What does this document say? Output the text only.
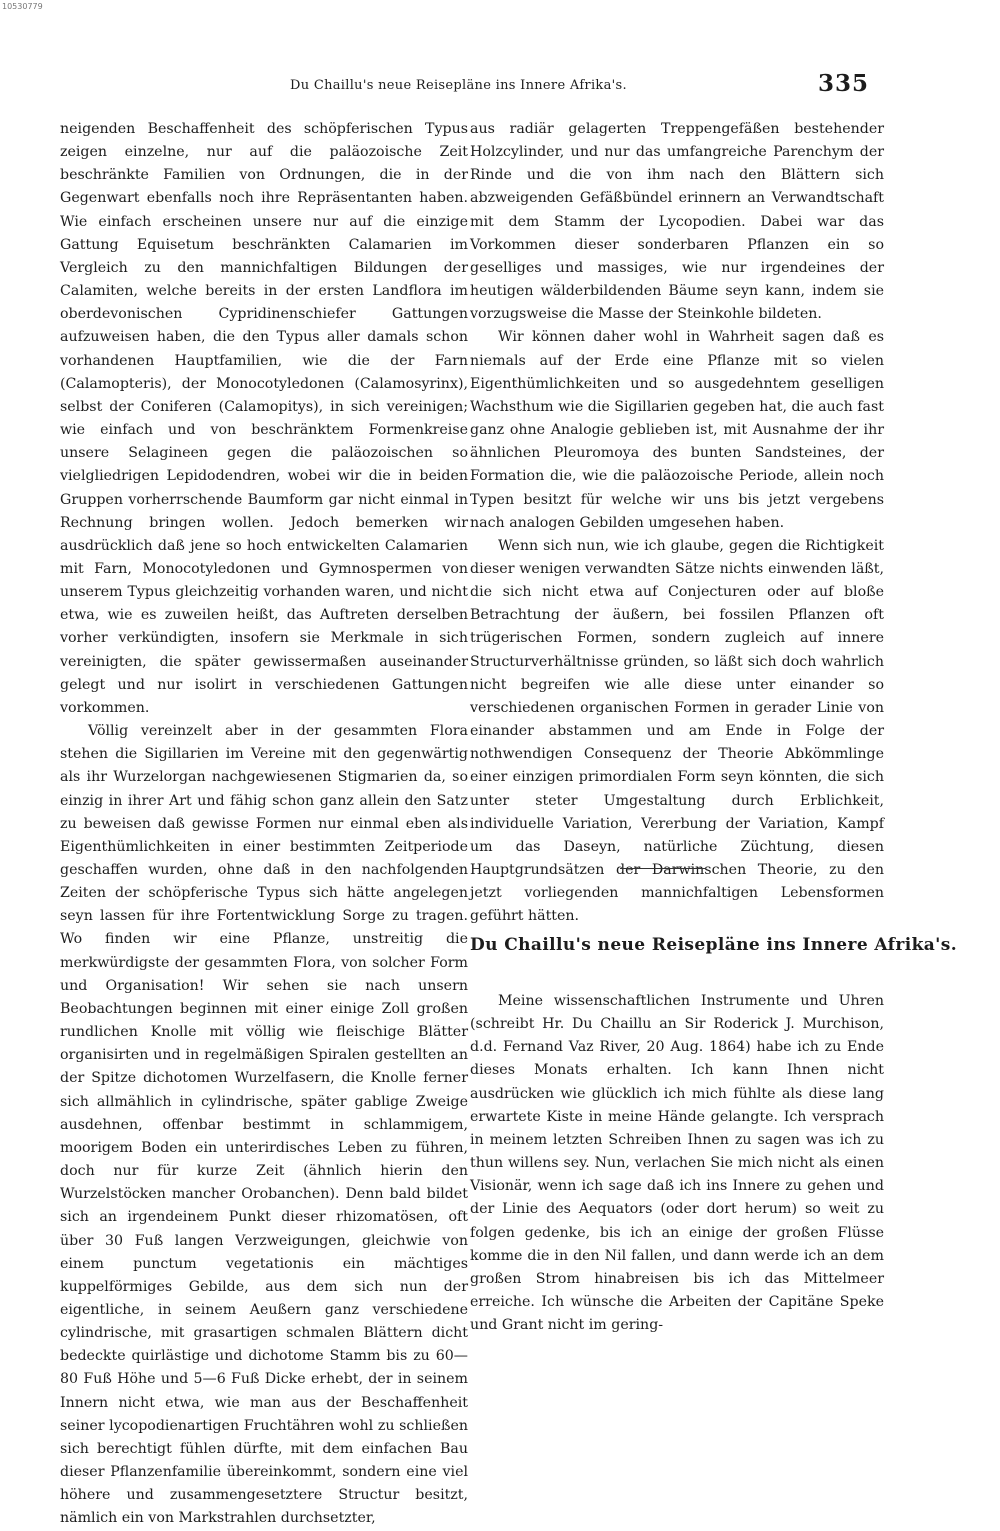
10530779
Du Chaillu's neue Reisepläne ins Innere Afrika's.	335

neigenden Beschaffenheit des schöpferischen Typus zeigen einzelne, nur auf die paläozoische Zeit beschränkte Familien von Ordnungen, die in der Gegenwart ebenfalls noch ihre Repräsentanten haben. Wie einfach erscheinen unsere nur auf die einzige Gattung Equisetum beschränkten Calamarien im Vergleich zu den mannichfaltigen Bildungen der Calamiten, welche bereits in der ersten Landflora im oberdevonischen Cypridinenschiefer Gattungen aufzuweisen haben, die den Typus aller damals schon vorhandenen Hauptfamilien, wie die der Farn (Calamopteris), der Monocotyledonen (Calamosyrinx), selbst der Coniferen (Calamopitys), in sich vereinigen; wie einfach und von beschränktem Formenkreise unsere Selagineen gegen die paläozoischen so vielgliedrigen Lepidodendren, wobei wir die in beiden Gruppen vorherrschende Baumform gar nicht einmal in Rechnung bringen wollen. Jedoch bemerken wir ausdrücklich daß jene so hoch entwickelten Calamarien mit Farn, Monocotyledonen und Gymnospermen von unserem Typus gleichzeitig vorhanden waren, und nicht etwa, wie es zuweilen heißt, das Auftreten derselben vorher verkündigten, insofern sie Merkmale in sich vereinigten, die später gewissermaßen auseinander gelegt und nur isolirt in verschiedenen Gattungen vorkommen.

Völlig vereinzelt aber in der gesammten Flora stehen die Sigillarien im Vereine mit den gegenwärtig als ihr Wurzelorgan nachgewiesenen Stigmarien da, so einzig in ihrer Art und fähig schon ganz allein den Satz zu beweisen daß gewisse Formen nur einmal eben als Eigenthümlichkeiten in einer bestimmten Zeitperiode geschaffen wurden, ohne daß in den nachfolgenden Zeiten der schöpferische Typus sich hätte angelegen seyn lassen für ihre Fortentwicklung Sorge zu tragen. Wo finden wir eine Pflanze, unstreitig die merkwürdigste der gesammten Flora, von solcher Form und Organisation! Wir sehen sie nach unsern Beobachtungen beginnen mit einer einige Zoll großen rundlichen Knolle mit völlig wie fleischige Blätter organisirten und in regelmäßigen Spiralen gestellten an der Spitze dichotomen Wurzelfasern, die Knolle ferner sich allmählich in cylindrische, später gablige Zweige ausdehnen, offenbar bestimmt in schlammigem, moorigem Boden ein unterirdisches Leben zu führen, doch nur für kurze Zeit (ähnlich hierin den Wurzelstöcken mancher Orobanchen). Denn bald bildet sich an irgendeinem Punkt dieser rhizomatösen, oft über 30 Fuß langen Verzweigungen, gleichwie von einem punctum vegetationis ein mächtiges kuppelförmiges Gebilde, aus dem sich nun der eigentliche, in seinem Aeußern ganz verschiedene cylindrische, mit grasartigen schmalen Blättern dicht bedeckte quirlästige und dichotome Stamm bis zu 60—80 Fuß Höhe und 5—6 Fuß Dicke erhebt, der in seinem Innern nicht etwa, wie man aus der Beschaffenheit seiner lycopodienartigen Fruchtähren wohl zu schließen sich berechtigt fühlen dürfte, mit dem einfachen Bau dieser Pflanzenfamilie übereinkommt, sondern eine viel höhere und zusammengesetztere Structur besitzt, nämlich ein von Markstrahlen durchsetzter,

aus radiär gelagerten Treppengefäßen bestehender Holzcylinder, und nur das umfangreiche Parenchym der Rinde und die von ihm nach den Blättern sich abzweigenden Gefäßbündel erinnern an Verwandtschaft mit dem Stamm der Lycopodien. Dabei war das Vorkommen dieser sonderbaren Pflanzen ein so geselliges und massiges, wie nur irgendeines der heutigen wälderbildenden Bäume seyn kann, indem sie vorzugsweise die Masse der Steinkohle bildeten.

Wir können daher wohl in Wahrheit sagen daß es niemals auf der Erde eine Pflanze mit so vielen Eigenthümlichkeiten und so ausgedehntem geselligen Wachsthum wie die Sigillarien gegeben hat, die auch fast ganz ohne Analogie geblieben ist, mit Ausnahme der ihr ähnlichen Pleuromoya des bunten Sandsteines, der Formation die, wie die paläozoische Periode, allein noch Typen besitzt für welche wir uns bis jetzt vergebens nach analogen Gebilden umgesehen haben.

Wenn sich nun, wie ich glaube, gegen die Richtigkeit dieser wenigen verwandten Sätze nichts einwenden läßt, die sich nicht etwa auf Conjecturen oder auf bloße Betrachtung der äußern, bei fossilen Pflanzen oft trügerischen Formen, sondern zugleich auf innere Structurverhältnisse gründen, so läßt sich doch wahrlich nicht begreifen wie alle diese unter einander so verschiedenen organischen Formen in gerader Linie von einander abstammen und am Ende in Folge der nothwendigen Consequenz der Theorie Abkömmlinge einer einzigen primordialen Form seyn könnten, die sich unter steter Umgestaltung durch Erblichkeit, individuelle Variation, Vererbung der Variation, Kampf um das Daseyn, natürliche Züchtung, diesen Hauptgrundsätzen der Darwinschen Theorie, zu den jetzt vorliegenden mannichfaltigen Lebensformen geführt hätten.

Du Chaillu's neue Reisepläne ins Innere Afrika's.

Meine wissenschaftlichen Instrumente und Uhren (schreibt Hr. Du Chaillu an Sir Roderick J. Murchison, d.d. Fernand Vaz River, 20 Aug. 1864) habe ich zu Ende dieses Monats erhalten. Ich kann Ihnen nicht ausdrücken wie glücklich ich mich fühlte als diese lang erwartete Kiste in meine Hände gelangte. Ich versprach in meinem letzten Schreiben Ihnen zu sagen was ich zu thun willens sey. Nun, verlachen Sie mich nicht als einen Visionär, wenn ich sage daß ich ins Innere zu gehen und der Linie des Aequators (oder dort herum) so weit zu folgen gedenke, bis ich an einige der großen Flüsse komme die in den Nil fallen, und dann werde ich an dem großen Strom hinabreisen bis ich das Mittelmeer erreiche. Ich wünsche die Arbeiten der Capitäne Speke und Grant nicht im gering-
